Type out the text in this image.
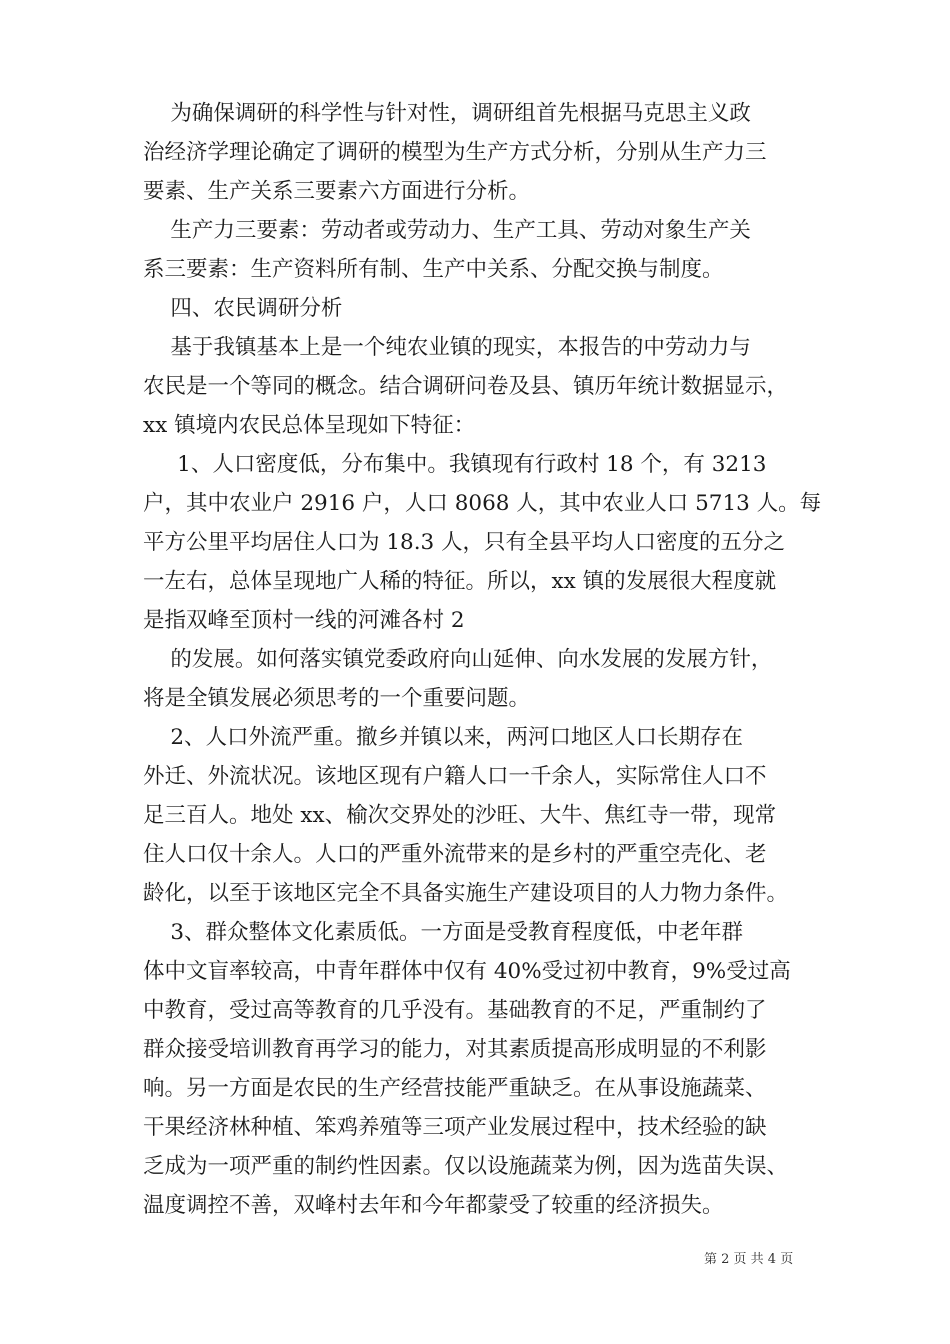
为确保调研的科学性与针对性，调研组首先根据马克思主义政
治经济学理论确定了调研的模型为生产方式分析，分别从生产力三
要素、生产关系三要素六方面进行分析。
生产力三要素：劳动者或劳动力、生产工具、劳动对象生产关
系三要素：生产资料所有制、生产中关系、分配交换与制度。
四、农民调研分析
基于我镇基本上是一个纯农业镇的现实，本报告的中劳动力与
农民是一个等同的概念。结合调研问卷及县、镇历年统计数据显示，
xx 镇境内农民总体呈现如下特征：
1、人口密度低，分布集中。我镇现有行政村 18 个，有 3213
户，其中农业户 2916 户，人口 8068 人，其中农业人口 5713 人。每
平方公里平均居住人口为 18.3 人，只有全县平均人口密度的五分之
一左右，总体呈现地广人稀的特征。所以，xx 镇的发展很大程度就
是指双峰至顶村一线的河滩各村 2
的发展。如何落实镇党委政府向山延伸、向水发展的发展方针，
将是全镇发展必须思考的一个重要问题。
2、人口外流严重。撤乡并镇以来，两河口地区人口长期存在
外迁、外流状况。该地区现有户籍人口一千余人，实际常住人口不
足三百人。地处 xx、榆次交界处的沙旺、大牛、焦红寺一带，现常
住人口仅十余人。人口的严重外流带来的是乡村的严重空壳化、老
龄化，以至于该地区完全不具备实施生产建设项目的人力物力条件。
3、群众整体文化素质低。一方面是受教育程度低，中老年群
体中文盲率较高，中青年群体中仅有 40%受过初中教育，9%受过高
中教育，受过高等教育的几乎没有。基础教育的不足，严重制约了
群众接受培训教育再学习的能力，对其素质提高形成明显的不利影
响。另一方面是农民的生产经营技能严重缺乏。在从事设施蔬菜、
干果经济林种植、笨鸡养殖等三项产业发展过程中，技术经验的缺
乏成为一项严重的制约性因素。仅以设施蔬菜为例，因为选苗失误、
温度调控不善，双峰村去年和今年都蒙受了较重的经济损失。
第 2 页 共 4 页
